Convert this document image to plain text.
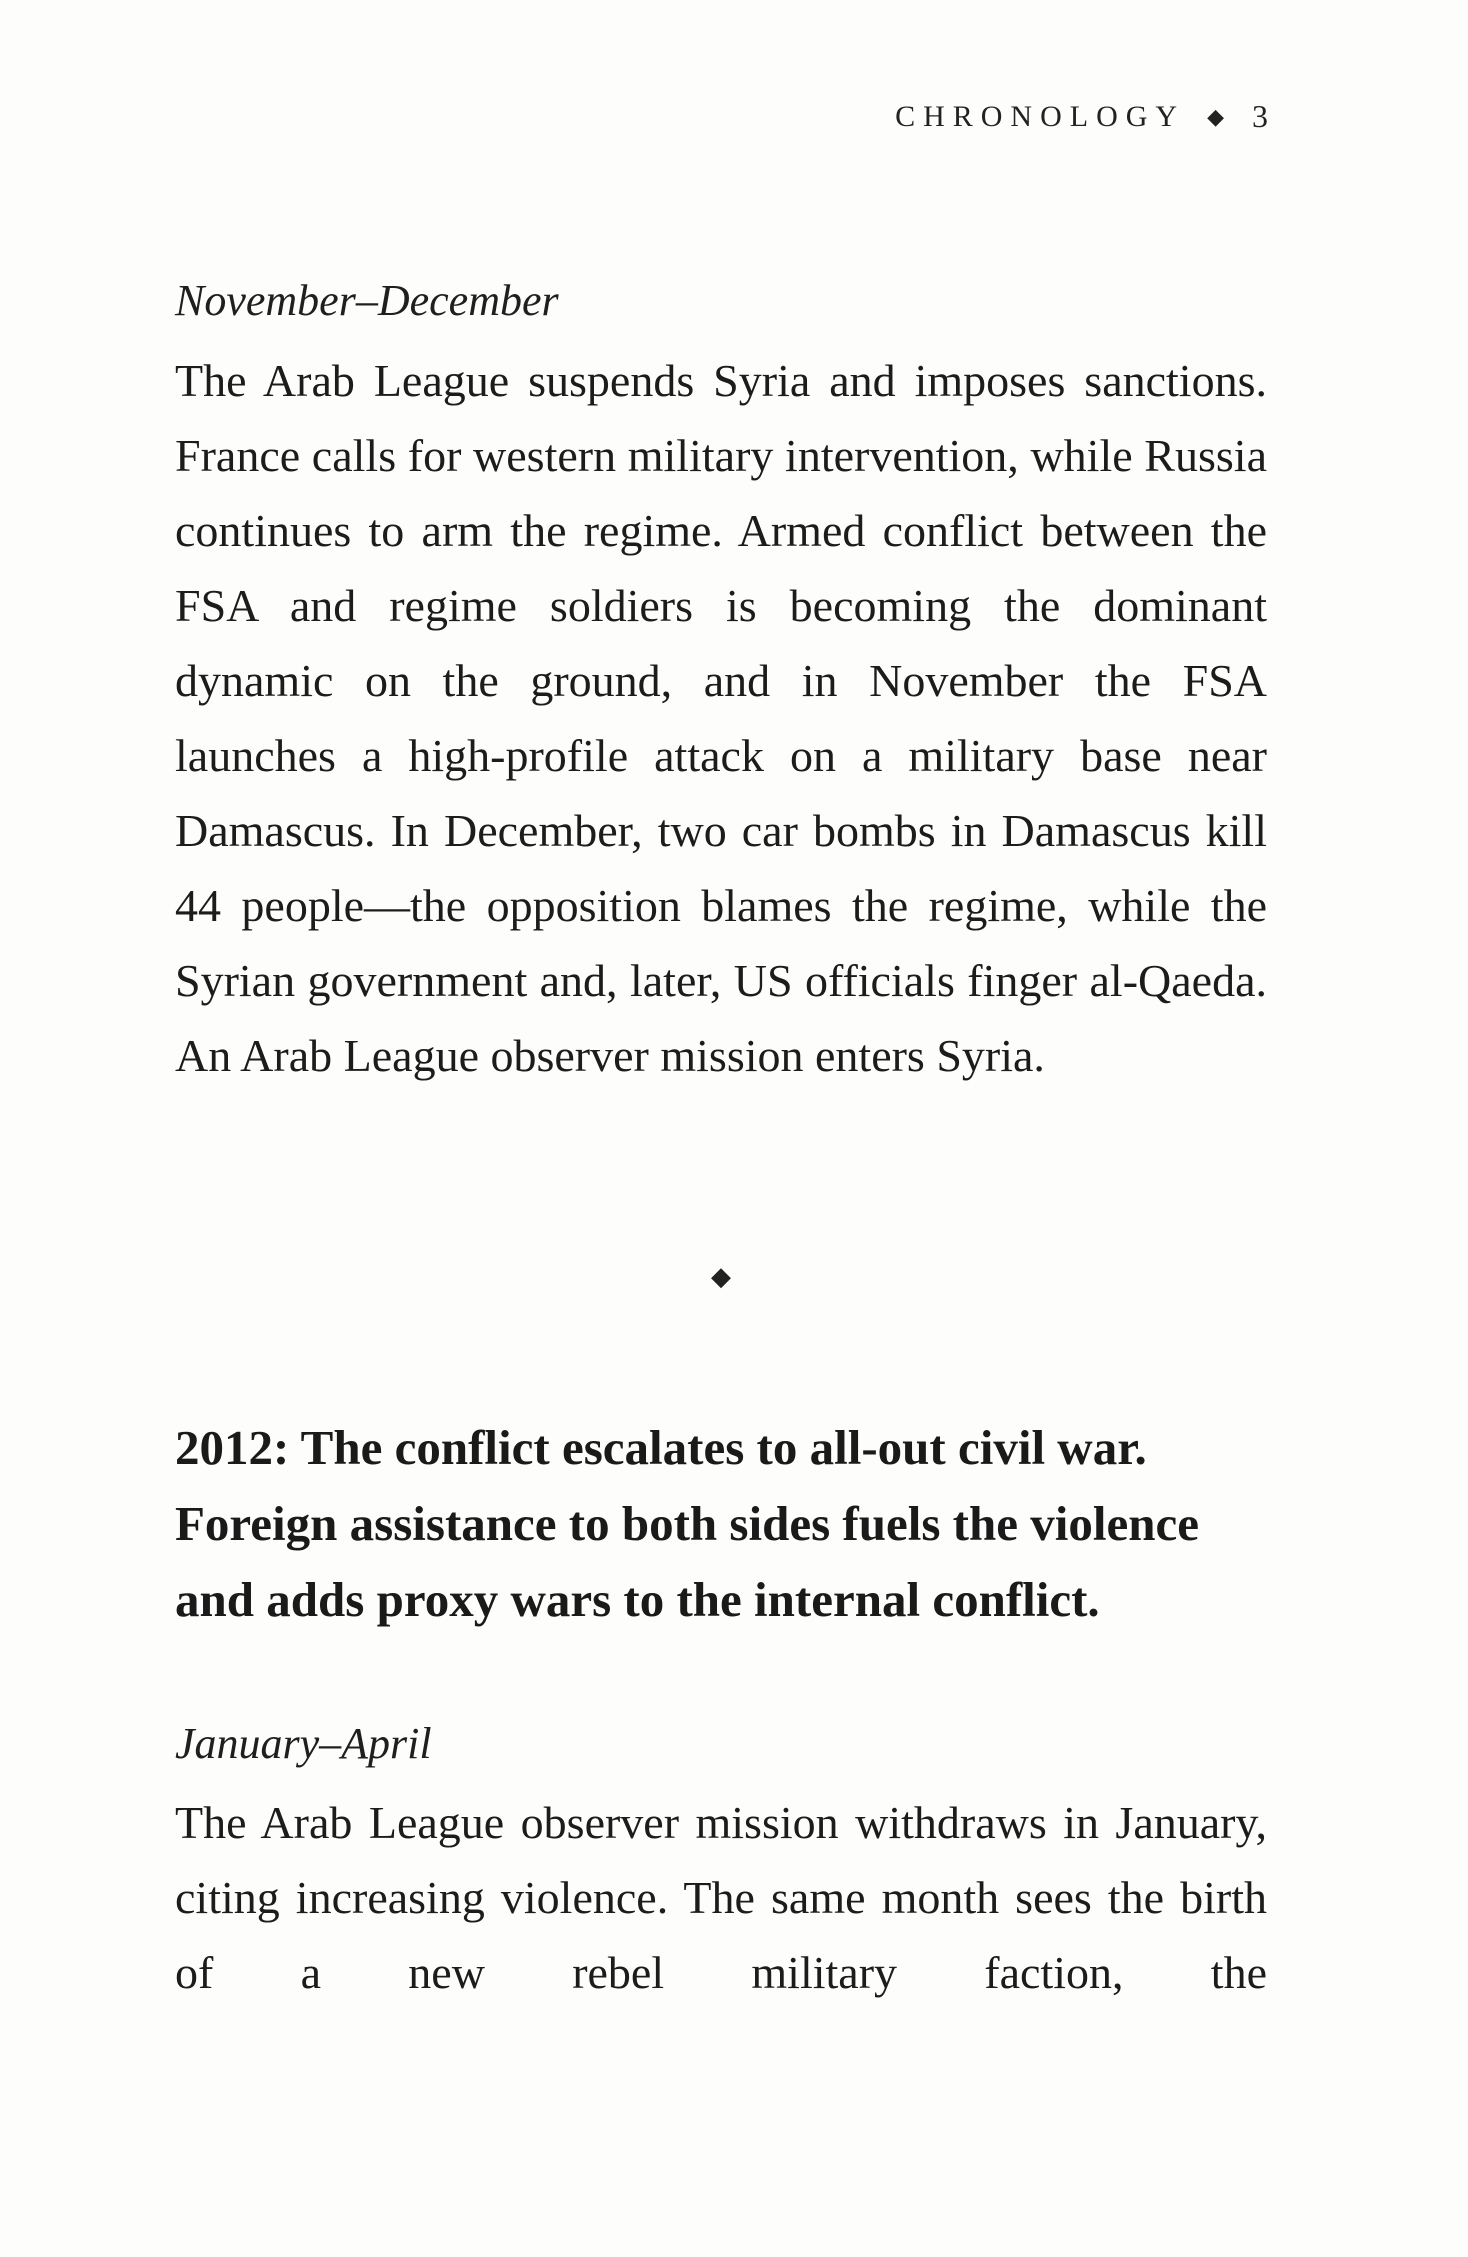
CHRONOLOGY ◆ 3
November–December

The Arab League suspends Syria and imposes sanctions. France calls for western military intervention, while Russia continues to arm the regime. Armed conflict between the FSA and regime soldiers is becoming the dominant dynamic on the ground, and in November the FSA launches a high-profile attack on a military base near Damascus. In December, two car bombs in Damascus kill 44 people—the opposition blames the regime, while the Syrian government and, later, US officials finger al-Qaeda. An Arab League observer mission enters Syria.

◆

2012: The conflict escalates to all-out civil war. Foreign assistance to both sides fuels the violence and adds proxy wars to the internal conflict.

January–April

The Arab League observer mission withdraws in January, citing increasing violence. The same month sees the birth of a new rebel military faction, the
